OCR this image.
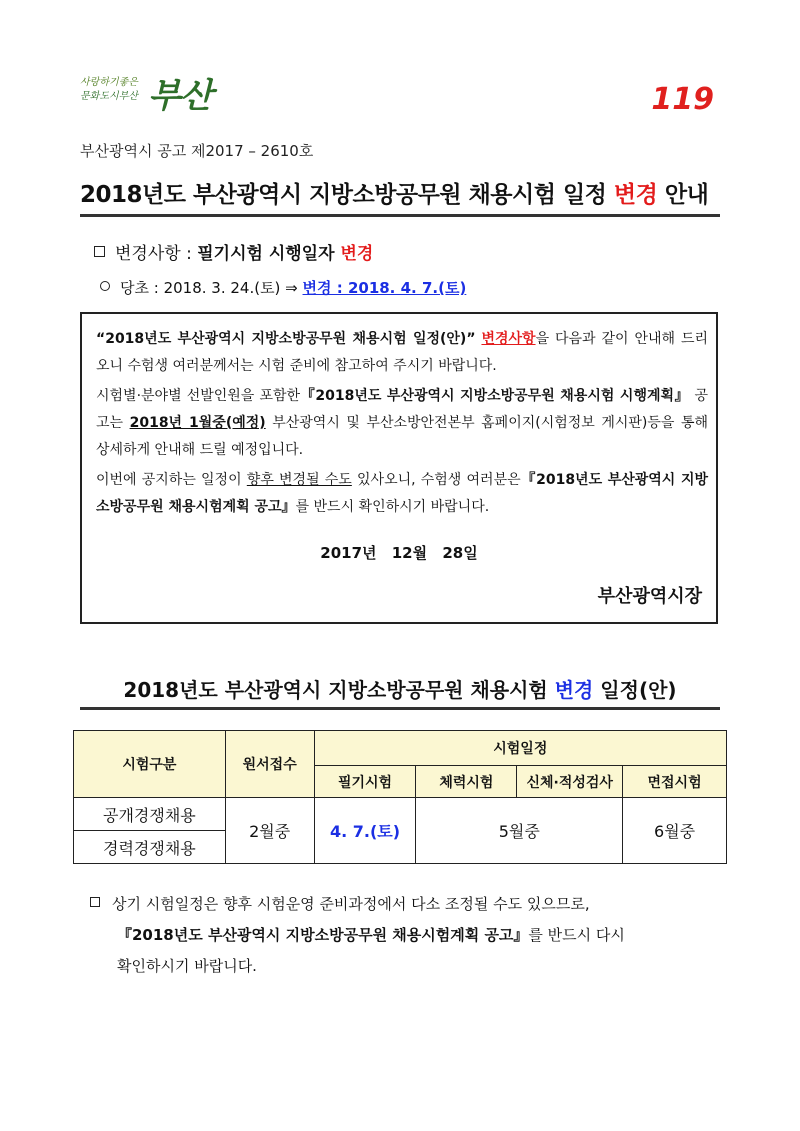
사랑하기좋은
문화도시부산 부산	119
부산광역시 공고 제2017 – 2610호
2018년도 부산광역시 지방소방공무원 채용시험 일정 변경 안내
변경사항 : 필기시험 시행일자 변경
당초 : 2018. 3. 24.(토) ⇒ 변경 : 2018. 4. 7.(토)

“2018년도 부산광역시 지방소방공무원 채용시험 일정(안)” 변경사항을 다음과 같이 안내해 드리오니 수험생 여러분께서는 시험 준비에 참고하여 주시기 바랍니다.

시험별·분야별 선발인원을 포함한『2018년도 부산광역시 지방소방공무원 채용시험 시행계획』 공고는 2018년 1월중(예정) 부산광역시 및 부산소방안전본부 홈페이지(시험정보 게시판)등을 통해 상세하게 안내해 드릴 예정입니다.

이번에 공지하는 일정이 향후 변경될 수도 있사오니, 수험생 여러분은『2018년도 부산광역시 지방소방공무원 채용시험계획 공고』를 반드시 확인하시기 바랍니다.

2017년 12월 28일
부산광역시장
2018년도 부산광역시 지방소방공무원 채용시험 변경 일정(안)
시험구분	원서접수	시험일정			
		필기시험	체력시험	신체·적성검사	면접시험
공개경쟁채용	2월중	4. 7.(토)	5월중		6월중
경력경쟁채용					
상기 시험일정은 향후 시험운영 준비과정에서 다소 조정될 수도 있으므로,
『2018년도 부산광역시 지방소방공무원 채용시험계획 공고』를 반드시 다시
확인하시기 바랍니다.
